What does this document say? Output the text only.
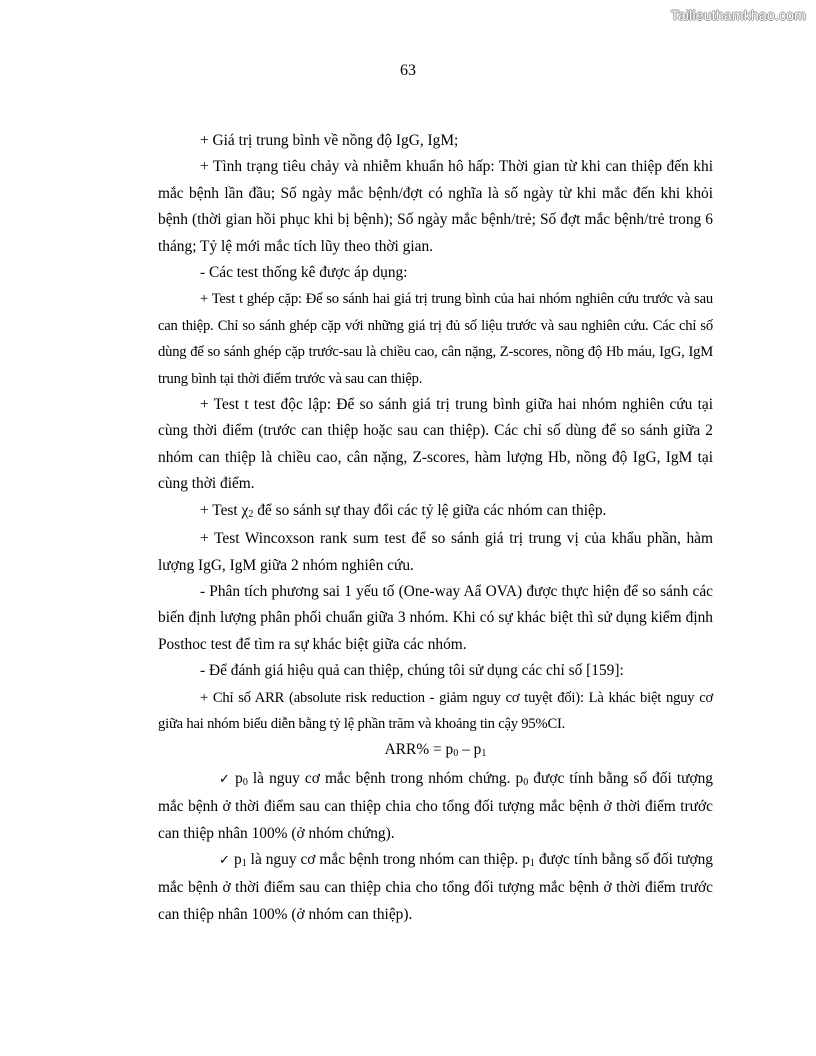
Tailieuthamkhao.com
63

+ Giá trị trung bình về nồng độ IgG, IgM;

+ Tình trạng tiêu chảy và nhiễm khuẩn hô hấp: Thời gian từ khi can thiệp đến khi mắc bệnh lần đầu; Số ngày mắc bệnh/đợt có nghĩa là số ngày từ khi mắc đến khi khỏi bệnh (thời gian hồi phục khi bị bệnh); Số ngày mắc bệnh/trẻ; Số đợt mắc bệnh/trẻ trong 6 tháng; Tỷ lệ mới mắc tích lũy theo thời gian.

- Các test thống kê được áp dụng:

+ Test t ghép cặp: Để so sánh hai giá trị trung bình của hai nhóm nghiên cứu trước và sau can thiệp. Chỉ so sánh ghép cặp với những giá trị đủ số liệu trước và sau nghiên cứu. Các chỉ số dùng để so sánh ghép cặp trước-sau là chiều cao, cân nặng, Z-scores, nồng độ Hb máu, IgG, IgM trung bình tại thời điểm trước và sau can thiệp.

+ Test t test độc lập: Để so sánh giá trị trung bình giữa hai nhóm nghiên cứu tại cùng thời điểm (trước can thiệp hoặc sau can thiệp). Các chỉ số dùng để so sánh giữa 2 nhóm can thiệp là chiều cao, cân nặng, Z-scores, hàm lượng Hb, nồng độ IgG, IgM tại cùng thời điểm.

+ Test χ2 để so sánh sự thay đổi các tỷ lệ giữa các nhóm can thiệp.

+ Test Wincoxson rank sum test để so sánh giá trị trung vị của khẩu phần, hàm lượng IgG, IgM giữa 2 nhóm nghiên cứu.

- Phân tích phương sai 1 yếu tố (One-way Aẩ OVA) được thực hiện để so sánh các biến định lượng phân phối chuẩn giữa 3 nhóm. Khi có sự khác biệt thì sử dụng kiểm định Posthoc test để tìm ra sự khác biệt giữa các nhóm.

- Để đánh giá hiệu quả can thiệp, chúng tôi sử dụng các chỉ số [159]:

+ Chỉ số ARR (absolute risk reduction - giảm nguy cơ tuyệt đối): Là khác biệt nguy cơ giữa hai nhóm biểu diễn bằng tỷ lệ phần trăm và khoảng tin cậy 95%CI.

ARR% = p0 – p1

✓ p0 là nguy cơ mắc bệnh trong nhóm chứng. p0 được tính bằng số đối tượng mắc bệnh ở thời điểm sau can thiệp chia cho tổng đối tượng mắc bệnh ở thời điểm trước can thiệp nhân 100% (ở nhóm chứng).

✓ p1 là nguy cơ mắc bệnh trong nhóm can thiệp. p1 được tính bằng số đối tượng mắc bệnh ở thời điểm sau can thiệp chia cho tổng đối tượng mắc bệnh ở thời điểm trước can thiệp nhân 100% (ở nhóm can thiệp).
